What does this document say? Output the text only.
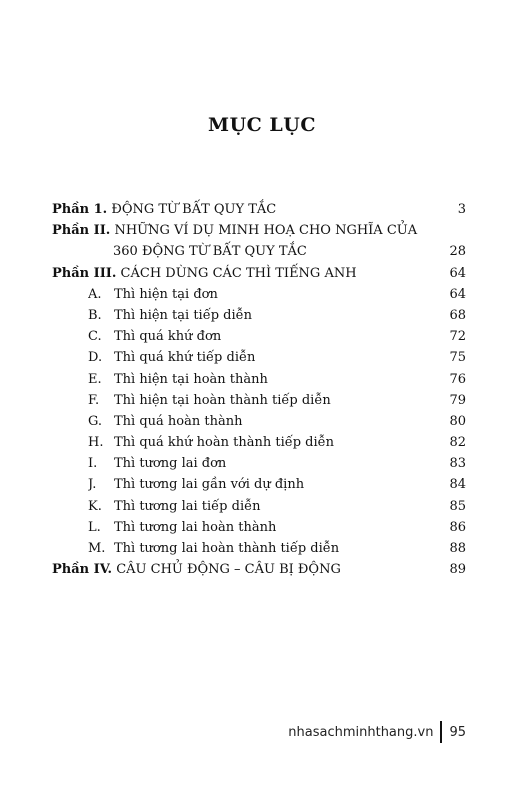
MỤC LỤC
Phần 1. ĐỘNG TỪ BẤT QUY TẮC	3
Phần II. NHỮNG VÍ DỤ MINH HOẠ CHO NGHĨA CỦA
360 ĐỘNG TỪ BẤT QUY TẮC	28
Phần III. CÁCH DÙNG CÁC THÌ TIẾNG ANH	64
A. Thì hiện tại đơn	64
B. Thì hiện tại tiếp diễn	68
C. Thì quá khứ đơn	72
D. Thì quá khứ tiếp diễn	75
E. Thì hiện tại hoàn thành	76
F. Thì hiện tại hoàn thành tiếp diễn	79
G. Thì quá hoàn thành	80
H. Thì quá khứ hoàn thành tiếp diễn	82
I. Thì tương lai đơn	83
J. Thì tương lai gần với dự định	84
K. Thì tương lai tiếp diễn	85
L. Thì tương lai hoàn thành	86
M. Thì tương lai hoàn thành tiếp diễn	88
Phần IV. CÂU CHỦ ĐỘNG – CÂU BỊ ĐỘNG	89
nhasachminhthang.vn 95
